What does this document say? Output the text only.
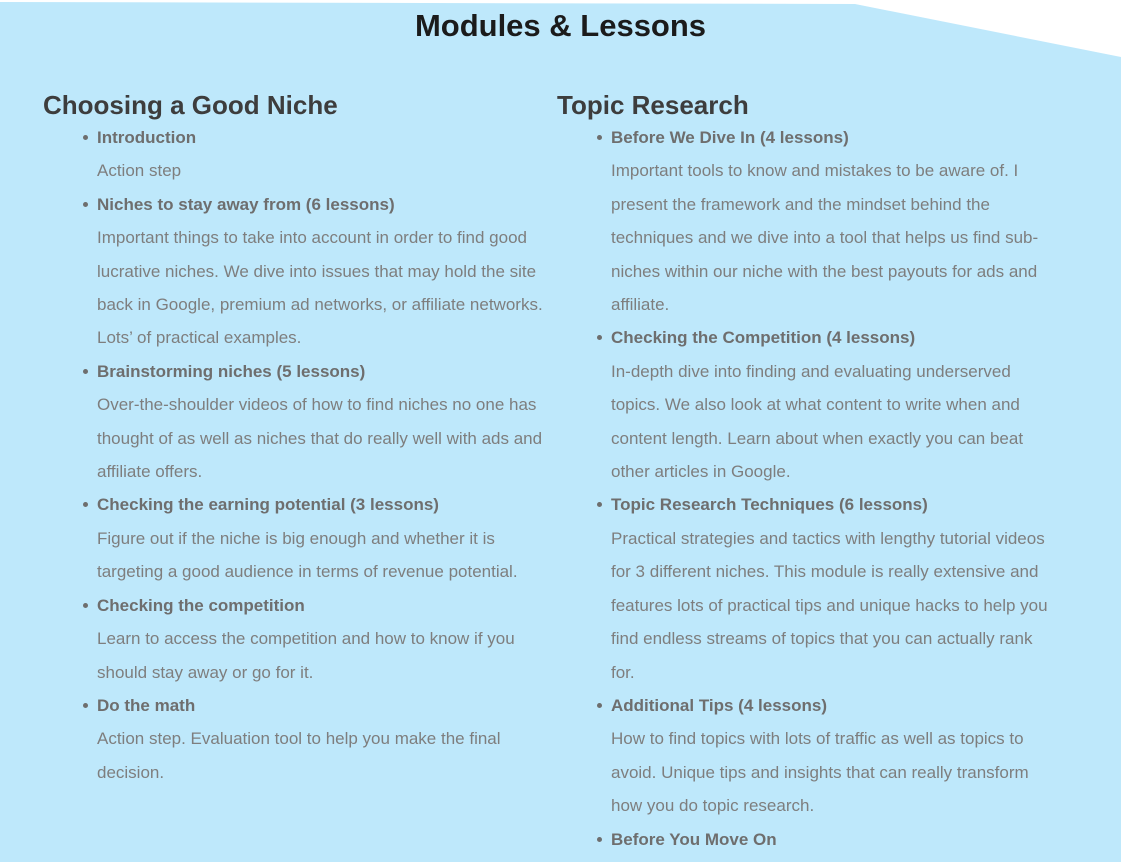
Modules & Lessons
Choosing a Good Niche
Introduction
Action step
Niches to stay away from (6 lessons)
Important things to take into account in order to find good lucrative niches. We dive into issues that may hold the site back in Google, premium ad networks, or affiliate networks. Lots’ of practical examples.
Brainstorming niches (5 lessons)
Over-the-shoulder videos of how to find niches no one has thought of as well as niches that do really well with ads and affiliate offers.
Checking the earning potential (3 lessons)
Figure out if the niche is big enough and whether it is targeting a good audience in terms of revenue potential.
Checking the competition
Learn to access the competition and how to know if you should stay away or go for it.
Do the math
Action step. Evaluation tool to help you make the final decision.
Topic Research
Before We Dive In (4 lessons)
Important tools to know and mistakes to be aware of. I present the framework and the mindset behind the techniques and we dive into a tool that helps us find sub-niches within our niche with the best payouts for ads and affiliate.
Checking the Competition (4 lessons)
In-depth dive into finding and evaluating underserved topics. We also look at what content to write when and content length. Learn about when exactly you can beat other articles in Google.
Topic Research Techniques (6 lessons)
Practical strategies and tactics with lengthy tutorial videos for 3 different niches. This module is really extensive and features lots of practical tips and unique hacks to help you find endless streams of topics that you can actually rank for.
Additional Tips (4 lessons)
How to find topics with lots of traffic as well as topics to avoid. Unique tips and insights that can really transform how you do topic research.
Before You Move On
